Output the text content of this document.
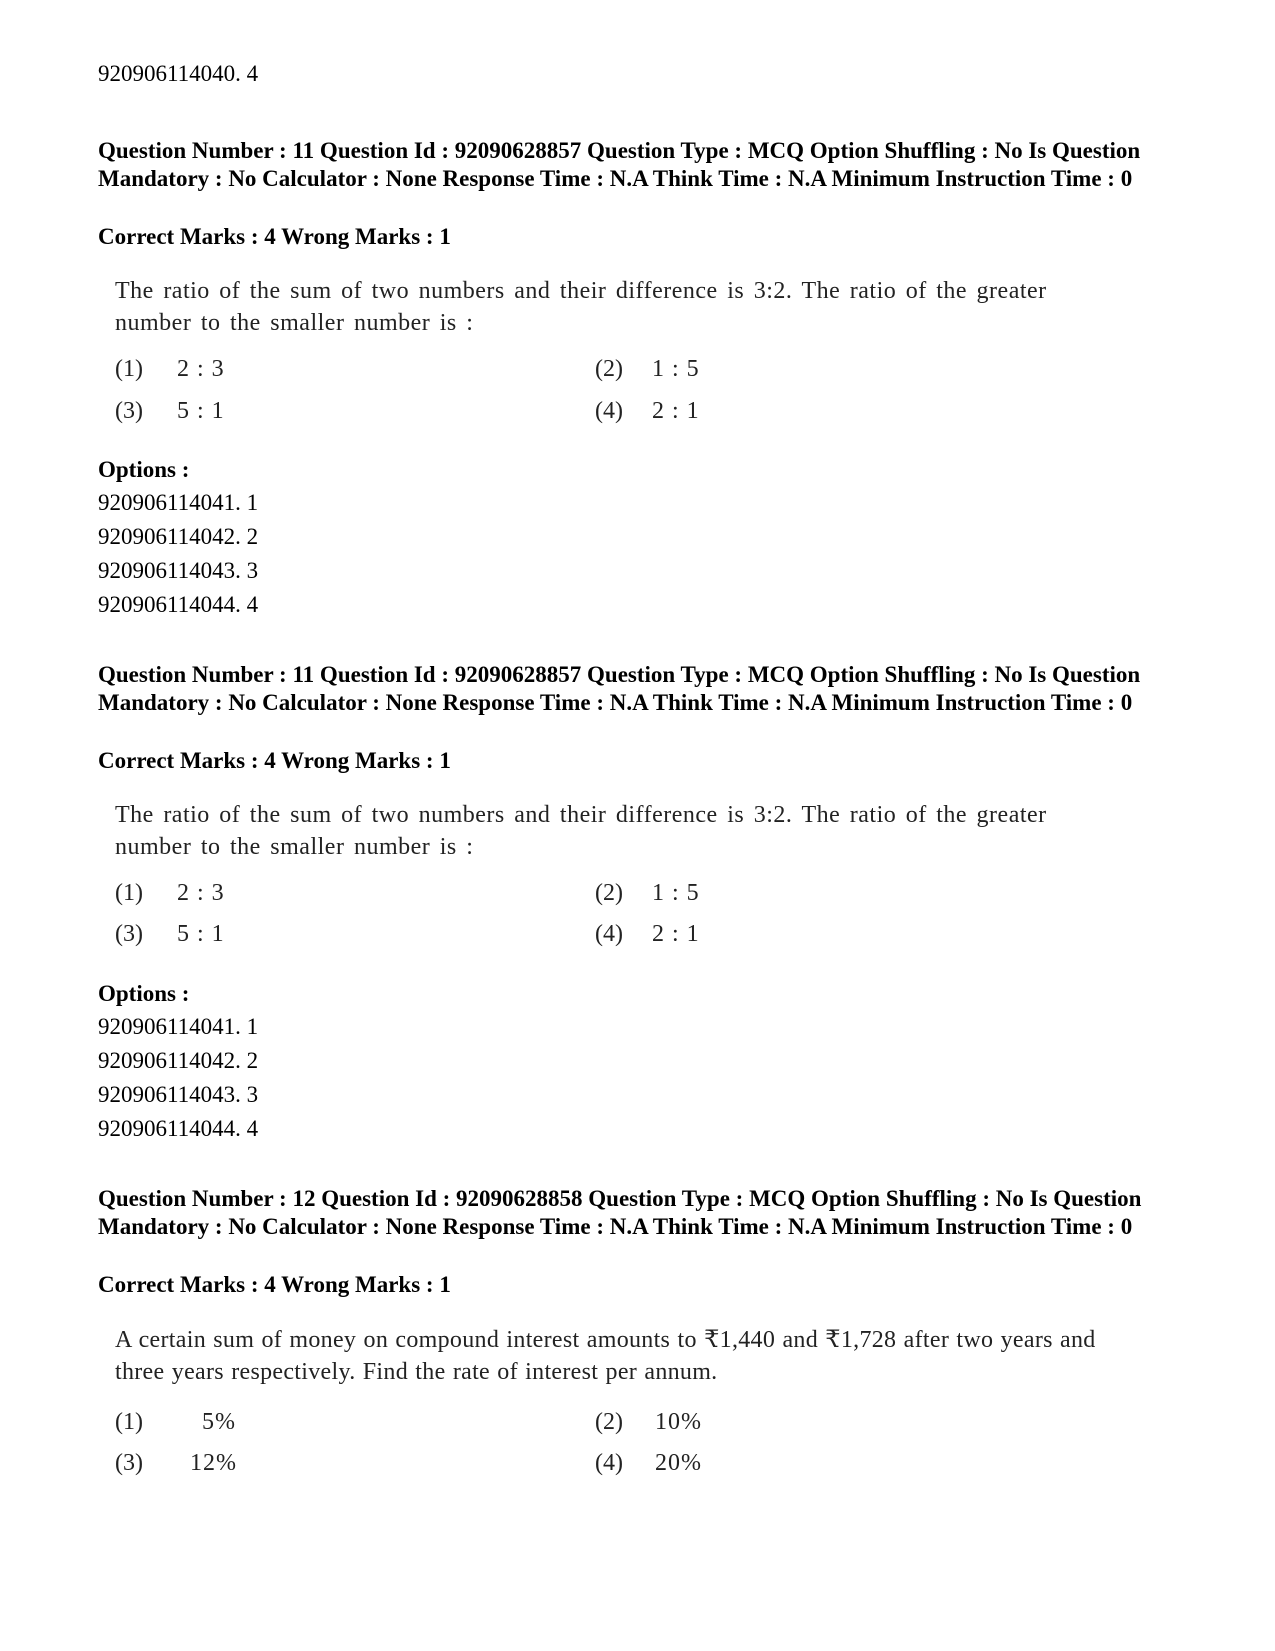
920906114040. 4
Question Number : 11 Question Id : 92090628857 Question Type : MCQ Option Shuffling : No Is Question Mandatory : No Calculator : None Response Time : N.A Think Time : N.A Minimum Instruction Time : 0
Correct Marks : 4 Wrong Marks : 1
The ratio of the sum of two numbers and their difference is 3:2. The ratio of the greater number to the smaller number is :
(1) 2 : 3	(2) 1 : 5
(3) 5 : 1	(4) 2 : 1
Options :
920906114041. 1
920906114042. 2
920906114043. 3
920906114044. 4
Question Number : 11 Question Id : 92090628857 Question Type : MCQ Option Shuffling : No Is Question Mandatory : No Calculator : None Response Time : N.A Think Time : N.A Minimum Instruction Time : 0
Correct Marks : 4 Wrong Marks : 1
The ratio of the sum of two numbers and their difference is 3:2. The ratio of the greater number to the smaller number is :
(1) 2 : 3	(2) 1 : 5
(3) 5 : 1	(4) 2 : 1
Options :
920906114041. 1
920906114042. 2
920906114043. 3
920906114044. 4
Question Number : 12 Question Id : 92090628858 Question Type : MCQ Option Shuffling : No Is Question Mandatory : No Calculator : None Response Time : N.A Think Time : N.A Minimum Instruction Time : 0
Correct Marks : 4 Wrong Marks : 1
A certain sum of money on compound interest amounts to ₹1,440 and ₹1,728 after two years and three years respectively. Find the rate of interest per annum.
(1) 5%	(2) 10%
(3) 12%	(4) 20%
